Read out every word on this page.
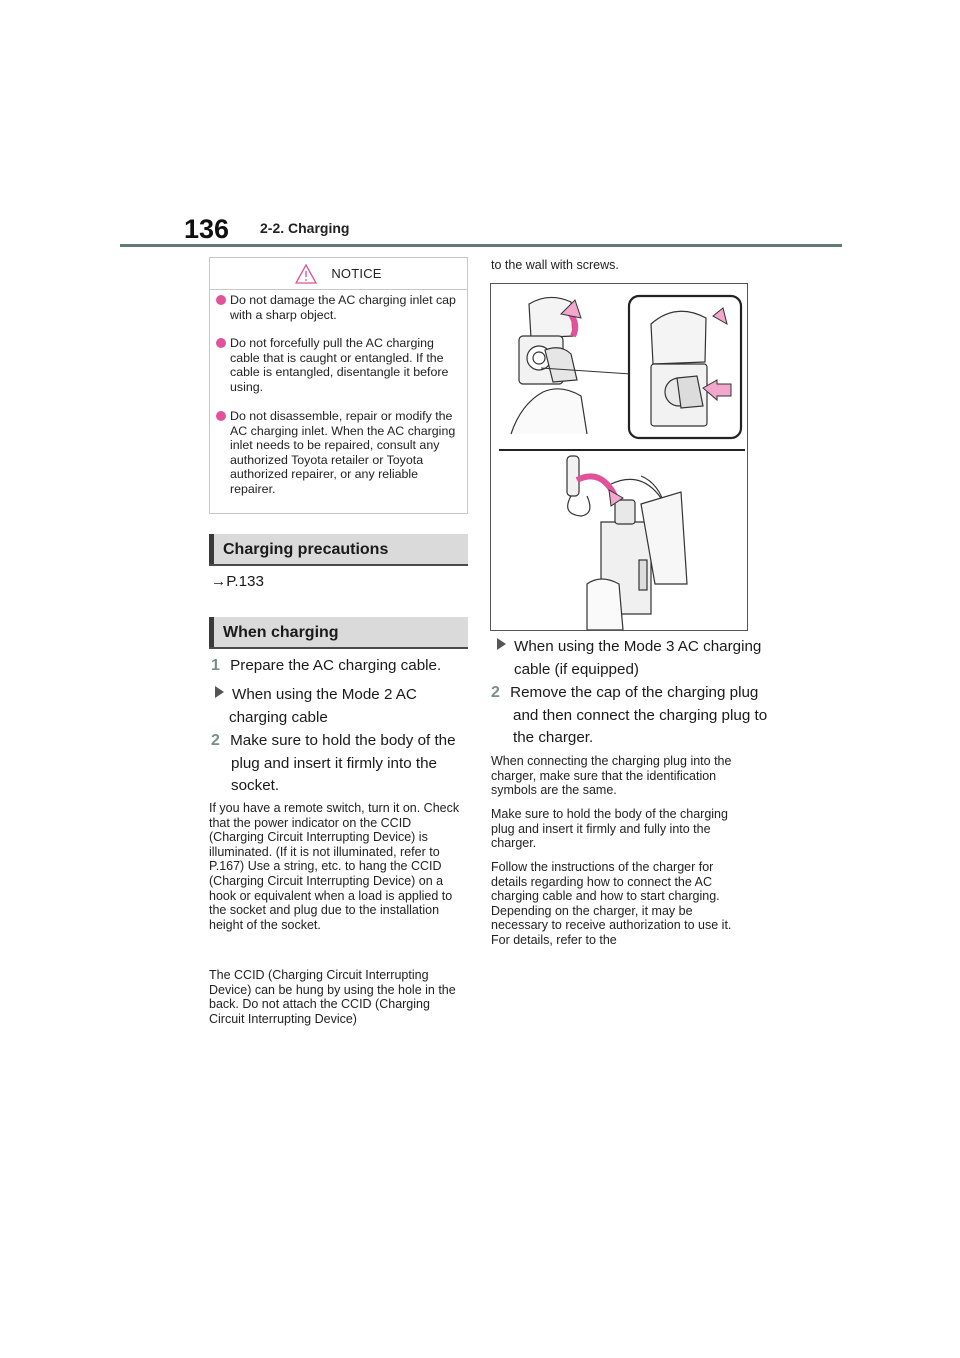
136 2-2. Charging
NOTICE
Do not damage the AC charging inlet cap with a sharp object.
Do not forcefully pull the AC charging cable that is caught or entangled. If the cable is entangled, disentangle it before using.
Do not disassemble, repair or modify the AC charging inlet. When the AC charging inlet needs to be repaired, consult any authorized Toyota retailer or Toyota authorized repairer, or any reliable repairer.
Charging precautions
→P.133
When charging
1 Prepare the AC charging cable.
When using the Mode 2 AC charging cable
2 Make sure to hold the body of the plug and insert it firmly into the socket.
If you have a remote switch, turn it on. Check that the power indicator on the CCID (Charging Circuit Interrupting Device) is illuminated. (If it is not illuminated, refer to P.167) Use a string, etc. to hang the CCID (Charging Circuit Interrupting Device) on a hook or equivalent when a load is applied to the socket and plug due to the installation height of the socket.
The CCID (Charging Circuit Interrupting Device) can be hung by using the hole in the back. Do not attach the CCID (Charging Circuit Interrupting Device)
to the wall with screws.
When using the Mode 3 AC charging cable (if equipped)
2 Remove the cap of the charging plug and then connect the charging plug to the charger.
When connecting the charging plug into the charger, make sure that the identification symbols are the same.
Make sure to hold the body of the charging plug and insert it firmly and fully into the charger.
Follow the instructions of the charger for details regarding how to connect the AC charging cable and how to start charging. Depending on the charger, it may be necessary to receive authorization to use it. For details, refer to the
